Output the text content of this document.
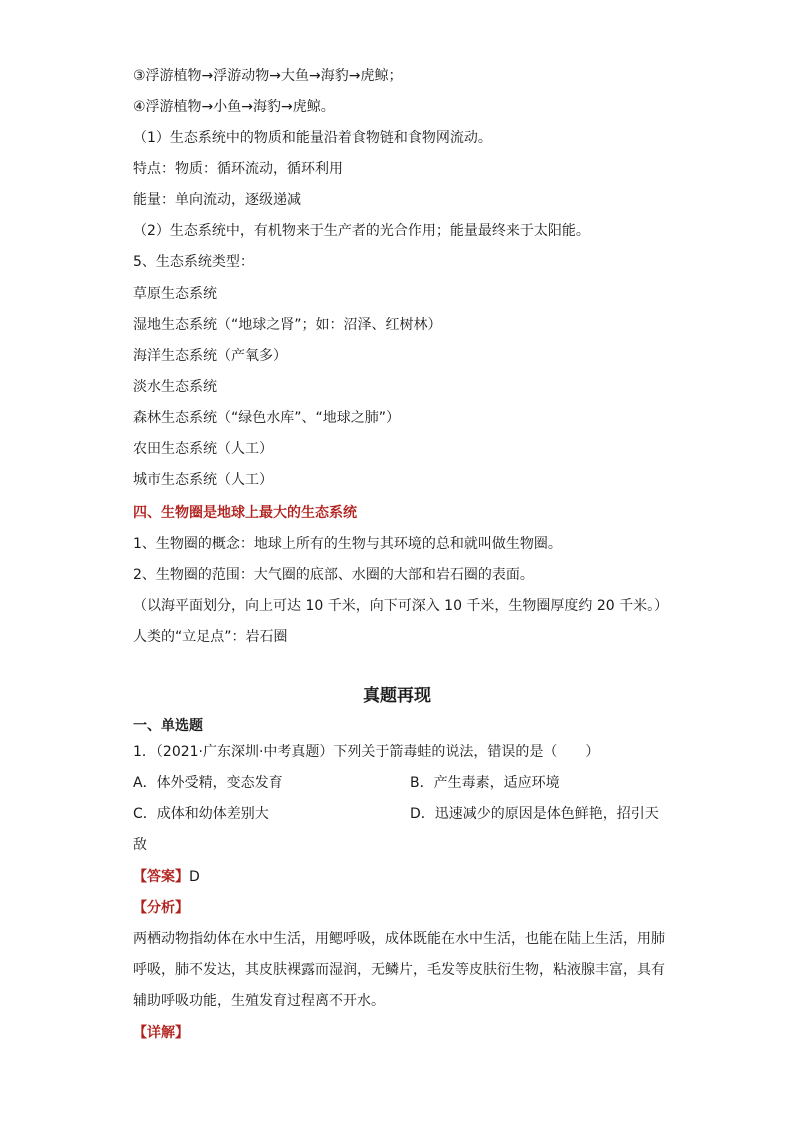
③浮游植物→浮游动物→大鱼→海豹→虎鲸；
④浮游植物→小鱼→海豹→虎鲸。
（1）生态系统中的物质和能量沿着食物链和食物网流动。
特点：物质：循环流动，循环利用
能量：单向流动，逐级递减
（2）生态系统中，有机物来于生产者的光合作用；能量最终来于太阳能。
5、生态系统类型：
草原生态系统
湿地生态系统（“地球之肾”；如：沼泽、红树林）
海洋生态系统（产氧多）
淡水生态系统
森林生态系统（“绿色水库”、“地球之肺”）
农田生态系统（人工）
城市生态系统（人工）
四、生物圈是地球上最大的生态系统
1、生物圈的概念：地球上所有的生物与其环境的总和就叫做生物圈。
2、生物圈的范围：大气圈的底部、水圈的大部和岩石圈的表面。
（以海平面划分，向上可达 10 千米，向下可深入 10 千米，生物圈厚度约 20 千米。）
人类的“立足点”：岩石圈
真题再现
一、单选题
1．（2021·广东深圳·中考真题）下列关于箭毒蛙的说法，错误的是（　　）
A．体外受精，变态发育	B．产生毒素，适应环境
C．成体和幼体差别大	D．迅速减少的原因是体色鲜艳，招引天
敌
【答案】D
【分析】
两栖动物指幼体在水中生活，用鳃呼吸，成体既能在水中生活，也能在陆上生活，用肺
呼吸，肺不发达，其皮肤裸露而湿润，无鳞片，毛发等皮肤衍生物，粘液腺丰富，具有
辅助呼吸功能，生殖发育过程离不开水。
【详解】
